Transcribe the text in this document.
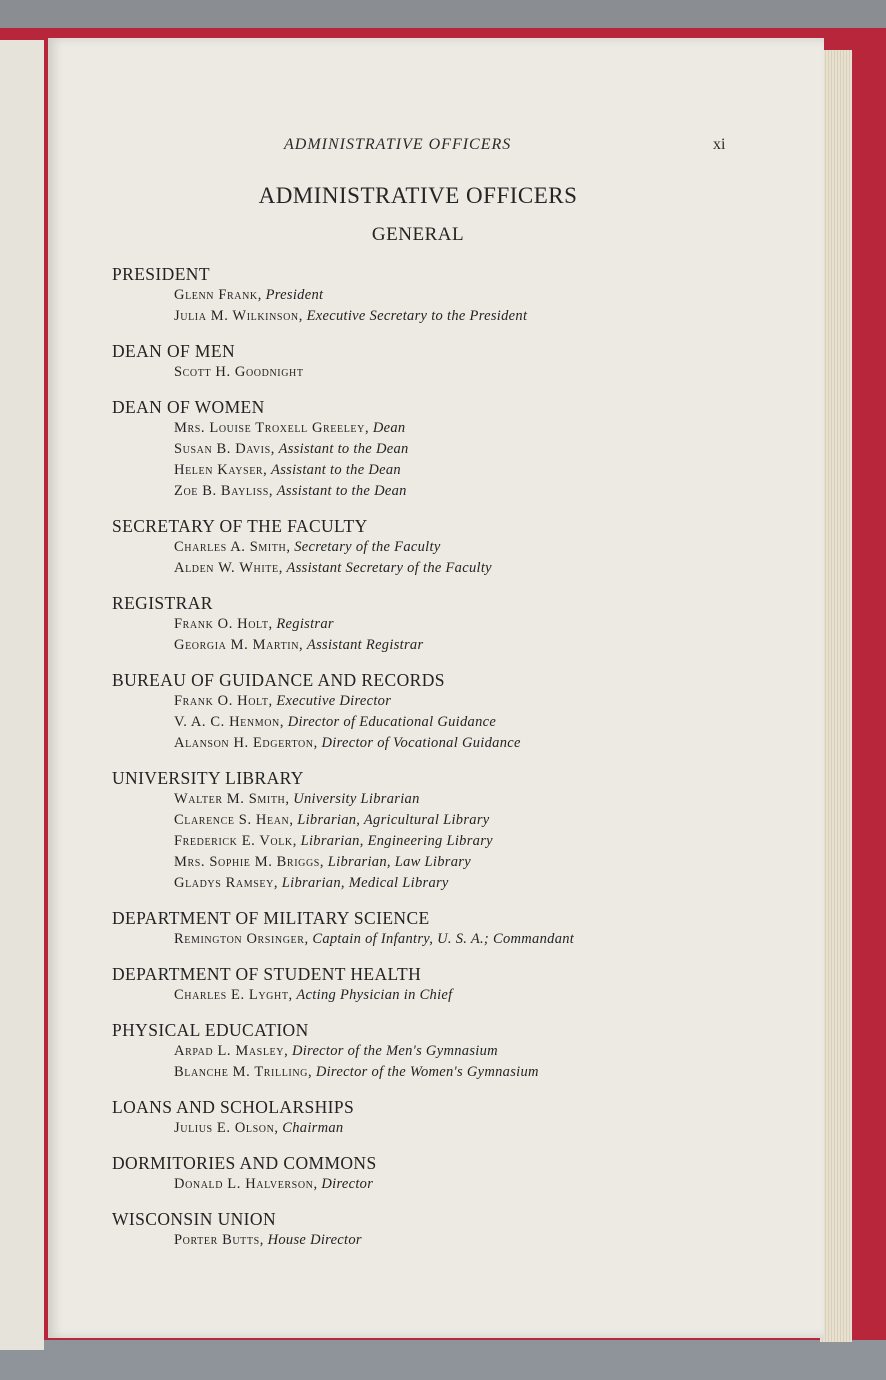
ADMINISTRATIVE OFFICERS	xi
ADMINISTRATIVE OFFICERS
GENERAL
PRESIDENT
Glenn Frank, President
Julia M. Wilkinson, Executive Secretary to the President
DEAN OF MEN
Scott H. Goodnight
DEAN OF WOMEN
Mrs. Louise Troxell Greeley, Dean
Susan B. Davis, Assistant to the Dean
Helen Kayser, Assistant to the Dean
Zoe B. Bayliss, Assistant to the Dean
SECRETARY OF THE FACULTY
Charles A. Smith, Secretary of the Faculty
Alden W. White, Assistant Secretary of the Faculty
REGISTRAR
Frank O. Holt, Registrar
Georgia M. Martin, Assistant Registrar
BUREAU OF GUIDANCE AND RECORDS
Frank O. Holt, Executive Director
V. A. C. Henmon, Director of Educational Guidance
Alanson H. Edgerton, Director of Vocational Guidance
UNIVERSITY LIBRARY
Walter M. Smith, University Librarian
Clarence S. Hean, Librarian, Agricultural Library
Frederick E. Volk, Librarian, Engineering Library
Mrs. Sophie M. Briggs, Librarian, Law Library
Gladys Ramsey, Librarian, Medical Library
DEPARTMENT OF MILITARY SCIENCE
Remington Orsinger, Captain of Infantry, U. S. A.; Commandant
DEPARTMENT OF STUDENT HEALTH
Charles E. Lyght, Acting Physician in Chief
PHYSICAL EDUCATION
Arpad L. Masley, Director of the Men's Gymnasium
Blanche M. Trilling, Director of the Women's Gymnasium
LOANS AND SCHOLARSHIPS
Julius E. Olson, Chairman
DORMITORIES AND COMMONS
Donald L. Halverson, Director
WISCONSIN UNION
Porter Butts, House Director
